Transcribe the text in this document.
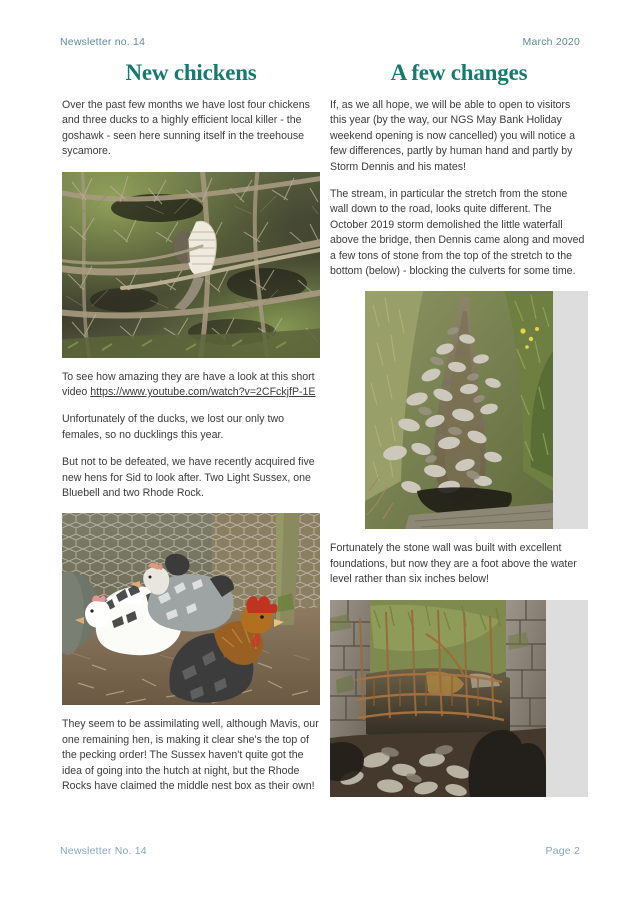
Newsletter no. 14	March 2020
New chickens

Over the past few months we have lost four chickens and three ducks to a highly efficient local killer - the goshawk - seen here sunning itself in the treehouse sycamore.

To see how amazing they are have a look at this short video https://www.youtube.com/watch?v=2CFckjfP-1E

Unfortunately of the ducks, we lost our only two females, so no ducklings this year.

But not to be defeated, we have recently acquired five new hens for Sid to look after. Two Light Sussex, one Bluebell and two Rhode Rock.

They seem to be assimilating well, although Mavis, our one remaining hen, is making it clear she's the top of the pecking order! The Sussex haven't quite got the idea of going into the hutch at night, but the Rhode Rocks have claimed the middle nest box as their own!

A few changes

If, as we all hope, we will be able to open to visitors this year (by the way, our NGS May Bank Holiday weekend opening is now cancelled) you will notice a few differences, partly by human hand and partly by Storm Dennis and his mates!

The stream, in particular the stretch from the stone wall down to the road, looks quite different. The October 2019 storm demolished the little waterfall above the bridge, then Dennis came along and moved a few tons of stone from the top of the stretch to the bottom (below) - blocking the culverts for some time.

Fortunately the stone wall was built with excellent foundations, but now they are a foot above the water level rather than six inches below!

Newsletter No. 14	Page 2
